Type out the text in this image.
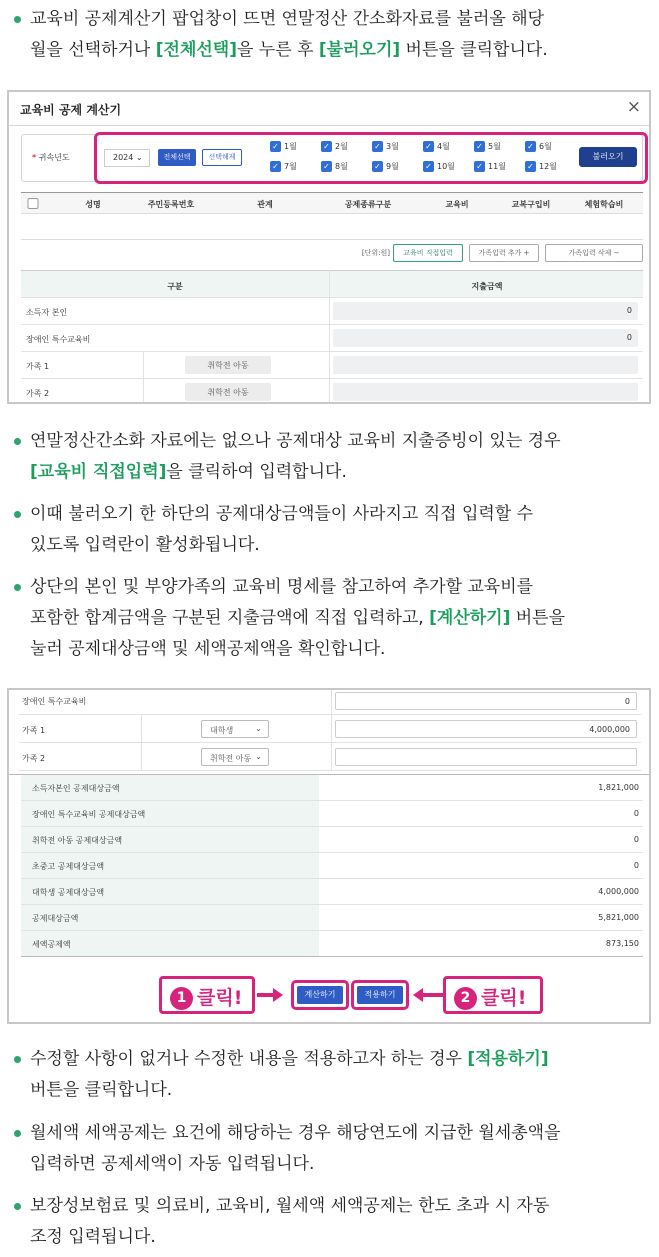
교육비 공제계산기 팝업창이 뜨면 연말정산 간소화자료를 불러올 해당
월을 선택하거나 [전체선택]을 누른 후 [불러오기] 버튼을 클릭합니다.
교육비 공제 계산기	×
* 귀속년도	2024 ⌄	전체선택	선택해제
✓ 1월	✓ 2월	✓ 3월	✓ 4월	✓ 5월	✓ 6월
✓ 7월	✓ 8월	✓ 9월	✓ 10월	✓ 11월	✓ 12월
불러오기
성명	주민등록번호	관계	공제종류구분	교육비	교복구입비	체험학습비
[단위:원]	교육비 직접입력	가족입력 추가 +	가족입력 삭제 −
구분	지출금액
소득자 본인	0
장애인 특수교육비	0
가족 1	취학전 아동
가족 2	취학전 아동
연말정산간소화 자료에는 없으나 공제대상 교육비 지출증빙이 있는 경우
[교육비 직접입력]을 클릭하여 입력합니다.
이때 불러오기 한 하단의 공제대상금액들이 사라지고 직접 입력할 수
있도록 입력란이 활성화됩니다.
상단의 본인 및 부양가족의 교육비 명세를 참고하여 추가할 교육비를
포함한 합계금액을 구분된 지출금액에 직접 입력하고, [계산하기] 버튼을
눌러 공제대상금액 및 세액공제액을 확인합니다.
장애인 특수교육비	0
가족 1	대학생	⌄	4,000,000
가족 2	취학전 아동 ⌄
소득자본인 공제대상금액	1,821,000
장애인 특수교육비 공제대상금액	0
취학전 아동 공제대상금액	0
초중고 공제대상금액	0
대학생 공제대상금액	4,000,000
공제대상금액	5,821,000
세액공제액	873,150
1 클릭!	계산하기	적용하기	2 클릭!
수정할 사항이 없거나 수정한 내용을 적용하고자 하는 경우 [적용하기]
버튼을 클릭합니다.
월세액 세액공제는 요건에 해당하는 경우 해당연도에 지급한 월세총액을
입력하면 공제세액이 자동 입력됩니다.
보장성보험료 및 의료비, 교육비, 월세액 세액공제는 한도 초과 시 자동
조정 입력됩니다.
